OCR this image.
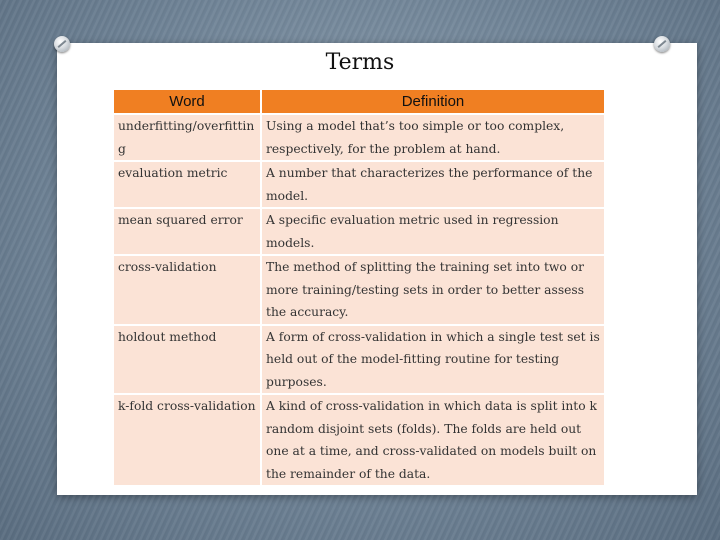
Terms
Word	Definition
underfitting/overfitting	Using a model that’s too simple or too complex, respectively, for the problem at hand.
evaluation metric	A number that characterizes the performance of the model.
mean squared error	A specific evaluation metric used in regression models.
cross-validation	The method of splitting the training set into two or more training/testing sets in order to better assess the accuracy.
holdout method	A form of cross-validation in which a single test set is held out of the model-fitting routine for testing purposes.
k-fold cross-validation	A kind of cross-validation in which data is split into k random disjoint sets (folds). The folds are held out one at a time, and cross-validated on models built on the remainder of the data.
